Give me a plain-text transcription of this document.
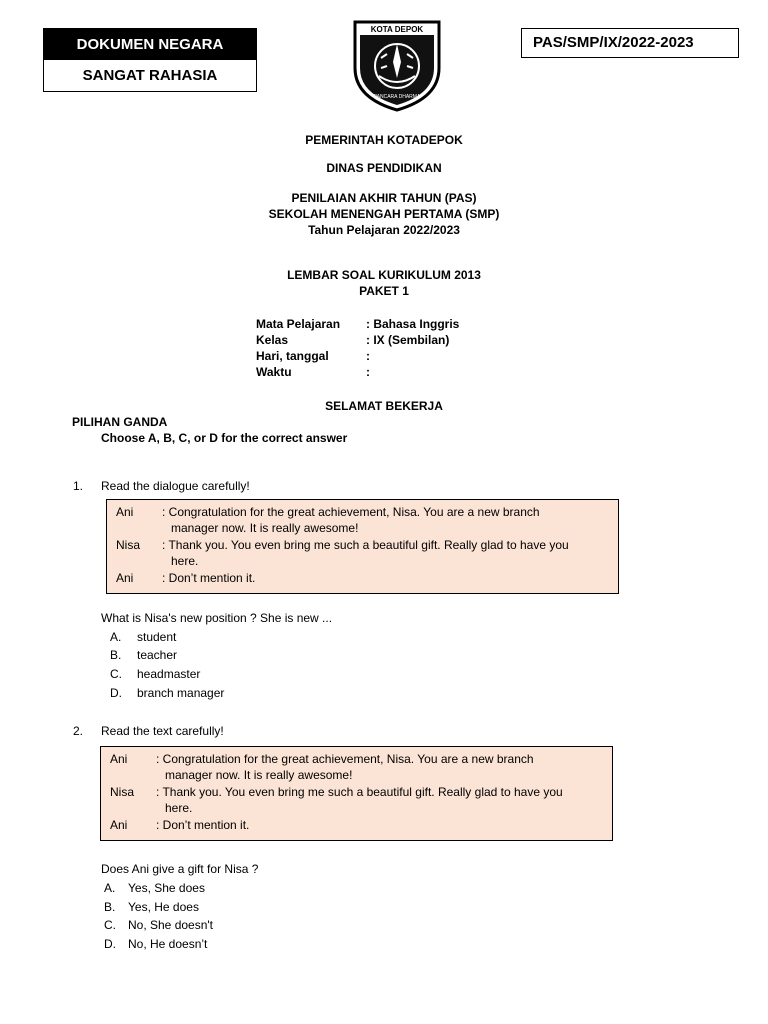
DOKUMEN NEGARA
SANGAT RAHASIA
KOTA DEPOK
PANCARA DHARMA
PAS/SMP/IX/2022-2023
PEMERINTAH KOTADEPOK
DINAS PENDIDIKAN
PENILAIAN AKHIR TAHUN (PAS)
SEKOLAH MENENGAH PERTAMA (SMP)
Tahun Pelajaran 2022/2023
LEMBAR SOAL KURIKULUM 2013
PAKET 1
Mata Pelajaran : Bahasa Inggris
Kelas	: IX (Sembilan)
Hari, tanggal	:
Waktu	:
SELAMAT BEKERJA
PILIHAN GANDA
Choose A, B, C, or D for the correct answer
1. Read the dialogue carefully!
Ani : Congratulation for the great achievement, Nisa. You are a new branch
manager now. It is really awesome!
Nisa : Thank you. You even bring me such a beautiful gift. Really glad to have you
here.
Ani : Don’t mention it.
What is Nisa's new position ? She is new ...
A. student
B. teacher
C. headmaster
D. branch manager
2. Read the text carefully!
Ani : Congratulation for the great achievement, Nisa. You are a new branch
manager now. It is really awesome!
Nisa : Thank you. You even bring me such a beautiful gift. Really glad to have you
here.
Ani : Don’t mention it.
Does Ani give a gift for Nisa ?
A. Yes, She does
B. Yes, He does
C. No, She doesn't
D. No, He doesn’t
